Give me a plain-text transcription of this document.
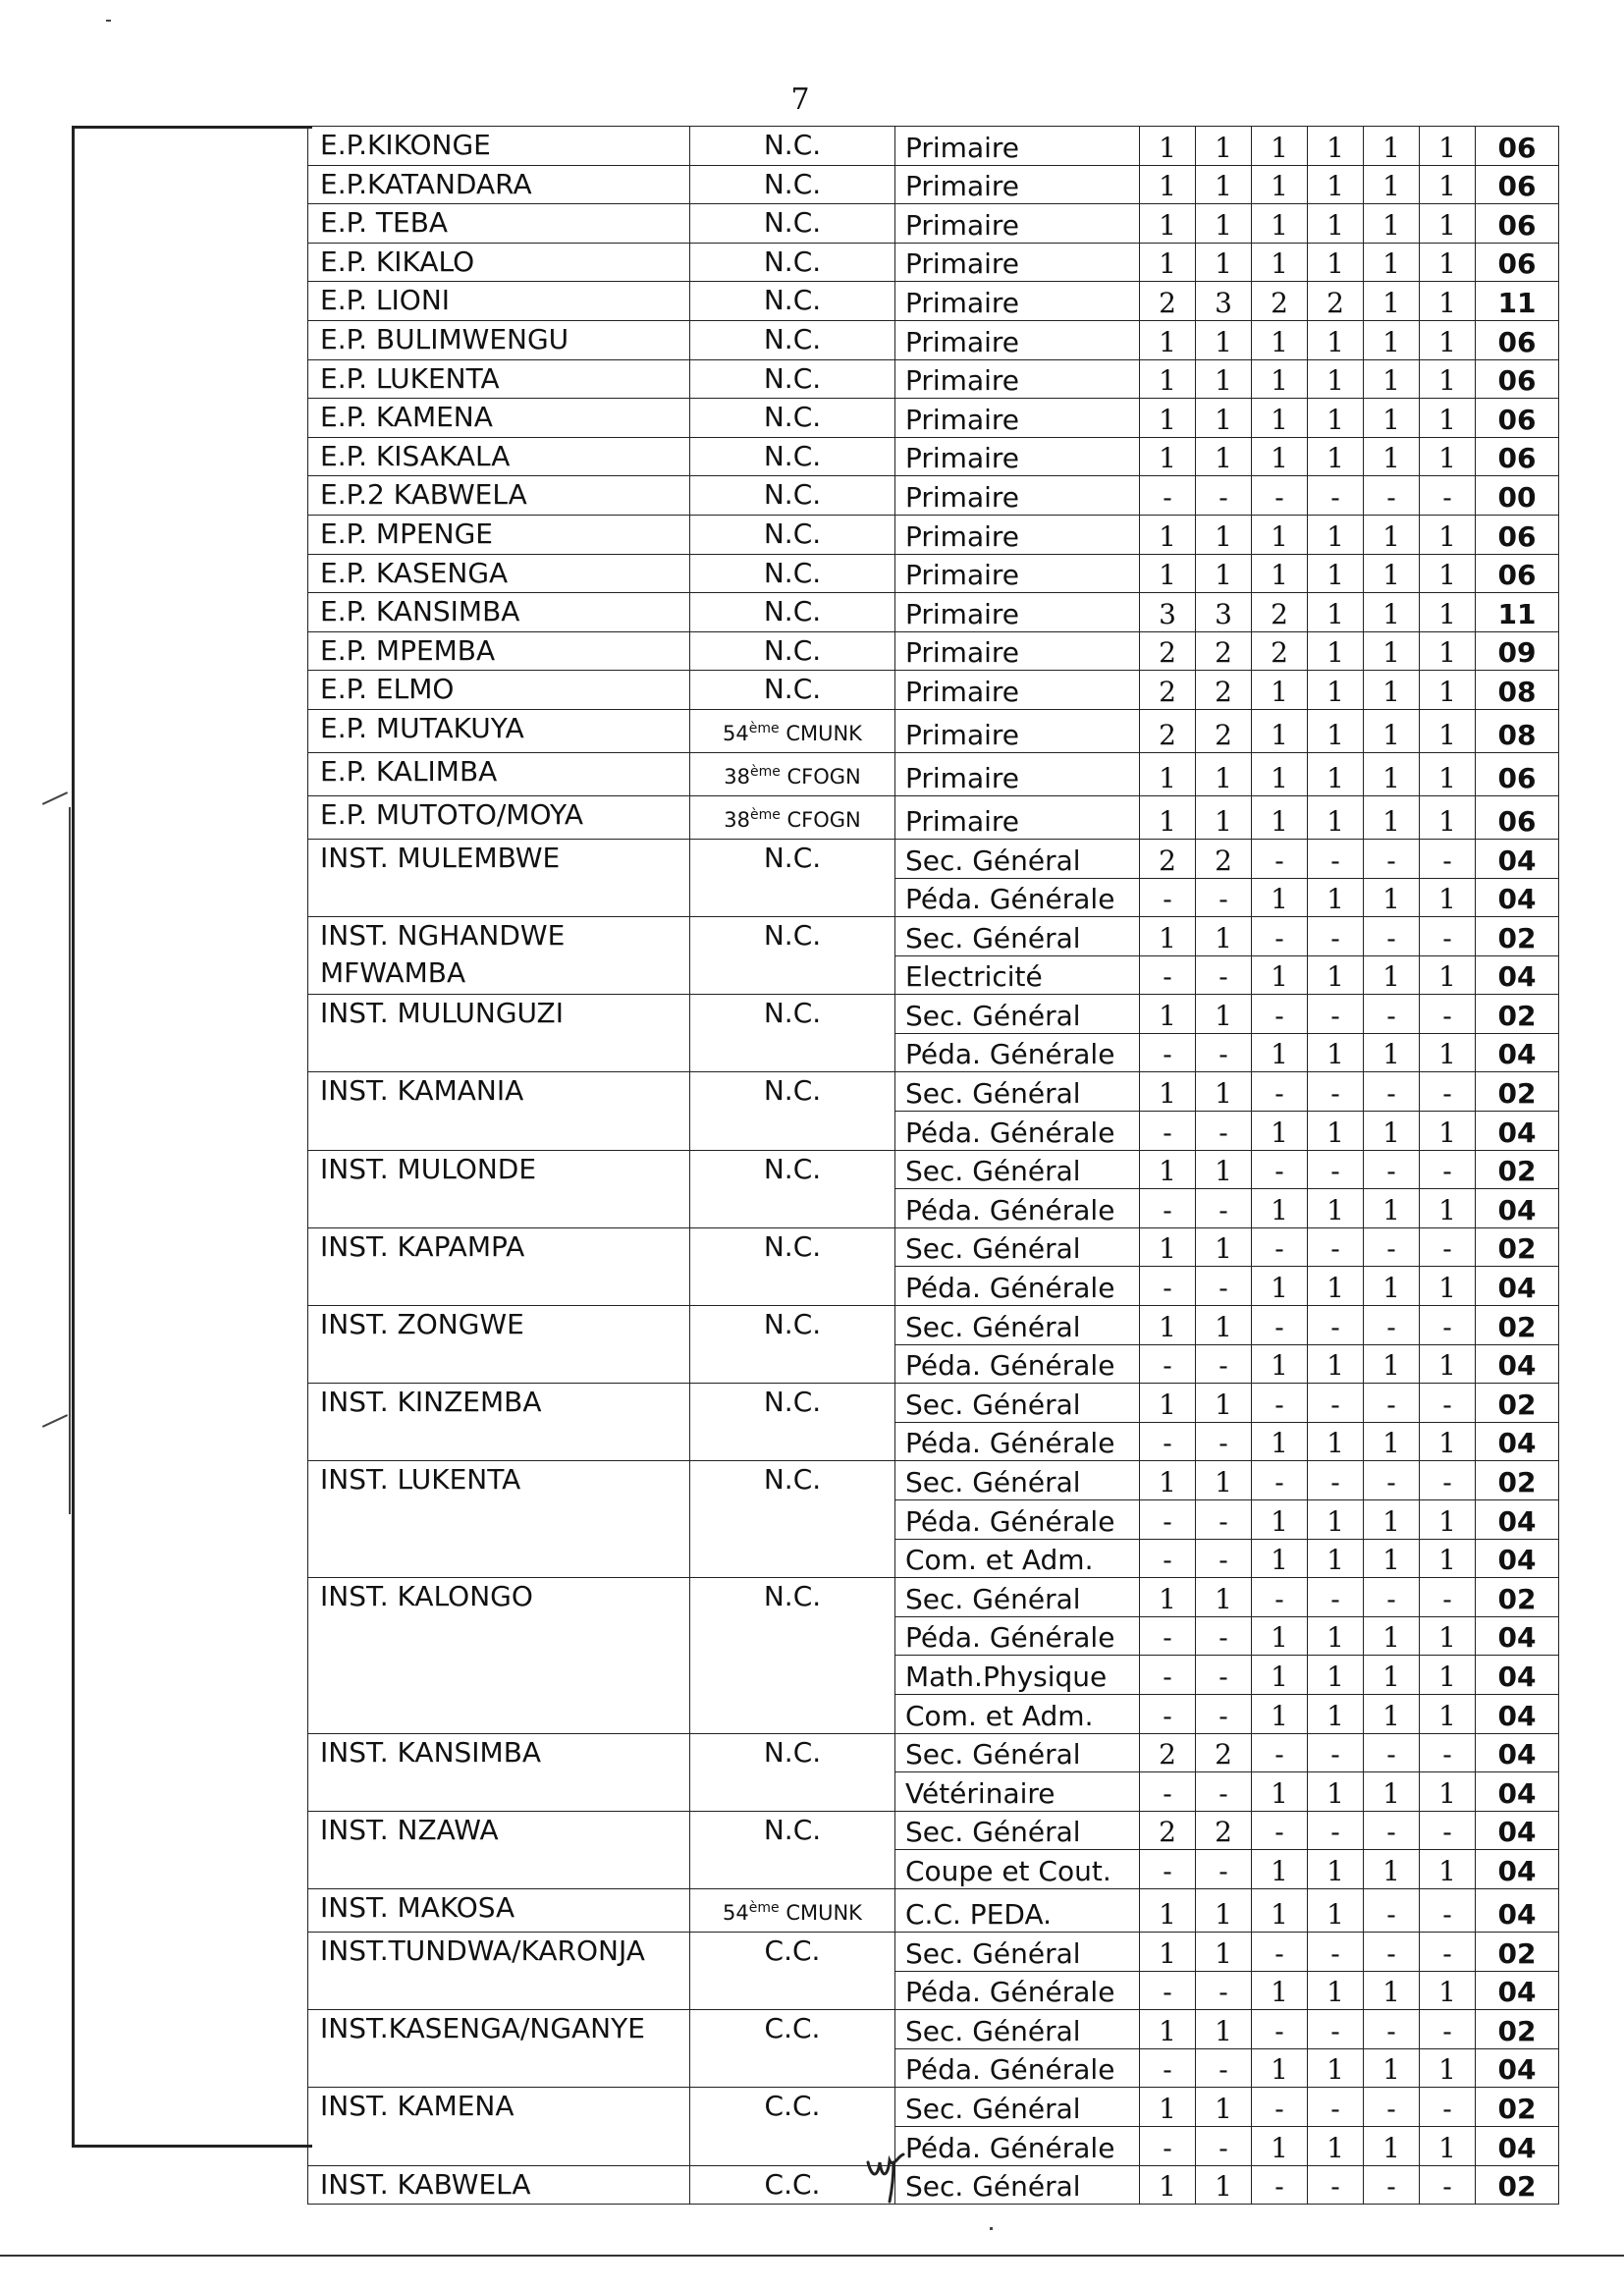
7
E.P.KIKONGE	N.C.	Primaire	1	1	1	1	1	1	06
E.P.KATANDARA	N.C.	Primaire	1	1	1	1	1	1	06
E.P. TEBA	N.C.	Primaire	1	1	1	1	1	1	06
E.P. KIKALO	N.C.	Primaire	1	1	1	1	1	1	06
E.P. LIONI	N.C.	Primaire	2	3	2	2	1	1	11
E.P. BULIMWENGU	N.C.	Primaire	1	1	1	1	1	1	06
E.P. LUKENTA	N.C.	Primaire	1	1	1	1	1	1	06
E.P. KAMENA	N.C.	Primaire	1	1	1	1	1	1	06
E.P. KISAKALA	N.C.	Primaire	1	1	1	1	1	1	06
E.P.2 KABWELA	N.C.	Primaire	-	-	-	-	-	-	00
E.P. MPENGE	N.C.	Primaire	1	1	1	1	1	1	06
E.P. KASENGA	N.C.	Primaire	1	1	1	1	1	1	06
E.P. KANSIMBA	N.C.	Primaire	3	3	2	1	1	1	11
E.P. MPEMBA	N.C.	Primaire	2	2	2	1	1	1	09
E.P. ELMO	N.C.	Primaire	2	2	1	1	1	1	08
E.P. MUTAKUYA	54ème CMUNK	Primaire	2	2	1	1	1	1	08
E.P. KALIMBA	38ème CFOGN	Primaire	1	1	1	1	1	1	06
E.P. MUTOTO/MOYA	38ème CFOGN	Primaire	1	1	1	1	1	1	06
INST. MULEMBWE	N.C.	Sec. Général	2	2	-	-	-	-	04
		Péda. Générale	-	-	1	1	1	1	04
INST. NGHANDWE MFWAMBA	N.C.	Sec. Général	1	1	-	-	-	-	02
		Electricité	-	-	1	1	1	1	04
INST. MULUNGUZI	N.C.	Sec. Général	1	1	-	-	-	-	02
		Péda. Générale	-	-	1	1	1	1	04
INST. KAMANIA	N.C.	Sec. Général	1	1	-	-	-	-	02
		Péda. Générale	-	-	1	1	1	1	04
INST. MULONDE	N.C.	Sec. Général	1	1	-	-	-	-	02
		Péda. Générale	-	-	1	1	1	1	04
INST. KAPAMPA	N.C.	Sec. Général	1	1	-	-	-	-	02
		Péda. Générale	-	-	1	1	1	1	04
INST. ZONGWE	N.C.	Sec. Général	1	1	-	-	-	-	02
		Péda. Générale	-	-	1	1	1	1	04
INST. KINZEMBA	N.C.	Sec. Général	1	1	-	-	-	-	02
		Péda. Générale	-	-	1	1	1	1	04
INST. LUKENTA	N.C.	Sec. Général	1	1	-	-	-	-	02
		Péda. Générale	-	-	1	1	1	1	04
		Com. et Adm.	-	-	1	1	1	1	04
INST. KALONGO	N.C.	Sec. Général	1	1	-	-	-	-	02
		Péda. Générale	-	-	1	1	1	1	04
		Math.Physique	-	-	1	1	1	1	04
		Com. et Adm.	-	-	1	1	1	1	04
INST. KANSIMBA	N.C.	Sec. Général	2	2	-	-	-	-	04
		Vétérinaire	-	-	1	1	1	1	04
INST. NZAWA	N.C.	Sec. Général	2	2	-	-	-	-	04
		Coupe et Cout.	-	-	1	1	1	1	04
INST. MAKOSA	54ème CMUNK	C.C. PEDA.	1	1	1	1	-	-	04
INST.TUNDWA/KARONJA	C.C.	Sec. Général	1	1	-	-	-	-	02
		Péda. Générale	-	-	1	1	1	1	04
INST.KASENGA/NGANYE	C.C.	Sec. Général	1	1	-	-	-	-	02
		Péda. Générale	-	-	1	1	1	1	04
INST. KAMENA	C.C.	Sec. Général	1	1	-	-	-	-	02
		Péda. Générale	-	-	1	1	1	1	04
INST. KABWELA	C.C.	Sec. Général	1	1	-	-	-	-	02
